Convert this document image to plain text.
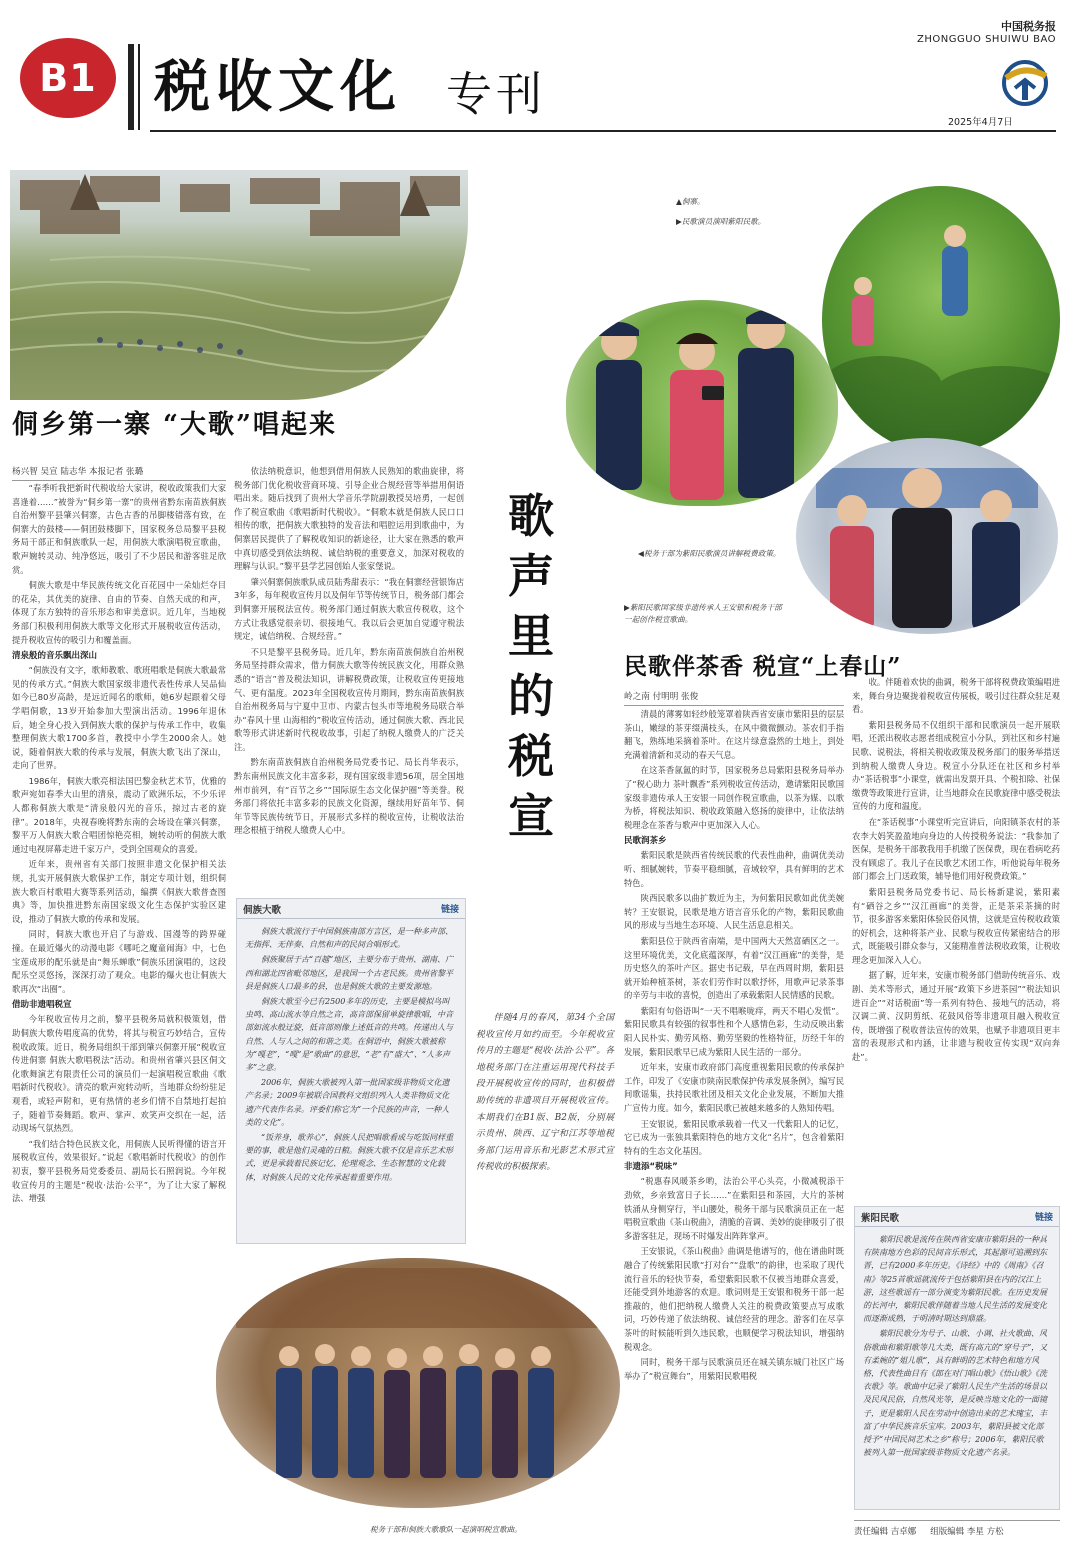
B1 税收文化 专刊
中国税务报
ZHONGGUO SHUIWU BAO
2025年4月7日
侗乡第一寨 “大歌”唱起来
歌
声
里
的
税
宣
▲侗寨。
▶民歌演员演唱紫阳民歌。
◀税务干部为紫阳民歌演员讲解税费政策。
▶紫阳民歌国家级非遗传承人王安银和税务干部一起创作税宣歌曲。
民歌伴茶香 税宣“上春山”
杨兴智 吴宣 陆志华 本报记者 张璐

“春季听我把新时代税收给大家讲，税收政策我们大家喜逢着……”被誉为“侗乡第一寨”的贵州省黔东南苗族侗族自治州黎平县肇兴侗寨，古色古香的吊脚楼错落有致，在侗寨大的鼓楼——侗团鼓楼脚下，国家税务总局黎平县税务局干部正和侗族歌队一起，用侗族大歌演唱税宣歌曲，歌声婉转灵动、纯净悠远，吸引了不少居民和游客驻足欣赏。

侗族大歌是中华民族传统文化百花园中一朵灿烂夺目的花朵，其优美的旋律、自由的节奏、自然天成的和声，体现了东方独特的音乐形态和审美意识。近几年，当地税务部门积极利用侗族大歌等文化形式开展税收宣传活动，提升税收宣传的吸引力和覆盖面。

清泉般的音乐飘出深山

“侗族没有文字，歌师教歌、歌班唱歌是侗族大歌最常见的传承方式。”侗族大歌国家级非遗代表性传承人吴品仙如今已80岁高龄，是远近闻名的歌师，她6岁起跟着父母学唱侗歌，13岁开始参加大型演出活动。1996年退休后，她全身心投入到侗族大歌的保护与传承工作中，收集整理侗族大歌1700多首，教授中小学生2000余人。她说，随着侗族大歌的传承与发展，侗族大歌飞出了深山，走向了世界。

1986年，侗族大歌亮相法国巴黎金秋艺术节，优雅的歌声宛如春季大山里的清泉，震动了欧洲乐坛，不少乐评人都称侗族大歌是“清泉般闪光的音乐，掠过古老的旋律”。2018年，央视春晚将黔东南的会场设在肇兴侗寨，黎平万人侗族大歌合唱团惊艳亮相，婉转动听的侗族大歌通过电视屏幕走进千家万户，受到全国观众的喜爱。

近年来，贵州省有关部门按照非遗文化保护相关法规，扎实开展侗族大歌保护工作，制定专项计划，组织侗族大歌百村歌唱大赛等系列活动，编撰《侗族大歌普查图典》等，加快推进黔东南国家级文化生态保护实验区建设，推动了侗族大歌的传承和发展。

同时，侗族大歌也开启了与游戏、国漫等的跨界碰撞。在最近爆火的动漫电影《哪吒之魔童闹海》中，七色宝莲成形的配乐就是由“舞乐蝉歌”侗族乐团演唱的，这段配乐空灵悠扬，深深打动了观众。电影的爆火也让侗族大歌再次“出圈”。

借助非遗唱税宣

今年税收宣传月之前，黎平县税务局就积极策划，借助侗族大歌传唱度高的优势，将其与税宣巧妙结合，宣传税收政策。近日，税务局组织干部到肇兴侗寨开展“税收宣传进侗寨 侗族大歌唱税法”活动。和贵州省肇兴县区侗文化歌舞演艺有限责任公司的演员们一起演唱税宣歌曲《歌唱新时代税收》。清亮的歌声宛转动听，当地群众纷纷驻足观看，或轻声附和，更有热情的老乡们情不自禁地打起拍子，随着节奏舞蹈。歌声、掌声、欢笑声交织在一起，活动现场气氛热烈。

“我们结合特色民族文化，用侗族人民听得懂的语言开展税收宣传，效果很好。”说起《歌唱新时代税收》的创作初衷，黎平县税务局党委委员、副局长石照润说。今年税收宣传月的主题是“税收·法治·公平”，为了让大家了解税法、增强

依法纳税意识，他想到借用侗族人民熟知的歌曲旋律，将税务部门优化税收营商环境、引导企业合规经营等举措用侗语唱出来。随后找到了贵州大学音乐学院副教授吴培勇，一起创作了税宣歌曲《歌唱新时代税收》。“侗歌本就是侗族人民口口相传的歌，把侗族大歌独特的发音法和唱腔运用到歌曲中，为侗寨居民提供了了解税收知识的新途径，让大家在熟悉的歌声中真切感受到依法纳税、诚信纳税的重要意义，加深对税收的理解与认识。”黎平县学艺园创始人张家堡说。

肇兴侗寨侗族歌队成员陆秀甜表示：“我在侗寨经营银饰店3年多，每年税收宣传月以及侗年节等传统节日，税务部门都会到侗寨开展税法宣传。税务部门通过侗族大歌宣传税收，这个方式让我感觉很亲切、很接地气。我以后会更加自觉遵守税法规定，诚信纳税、合规经营。”

不只是黎平县税务局。近几年，黔东南苗族侗族自治州税务局坚持群众需求，借力侗族大歌等传统民族文化，用群众熟悉的“语言”普及税法知识，讲解税费政策，让税收宣传更接地气、更有温度。2023年全国税收宣传月期间，黔东南苗族侗族自治州税务局与宁夏中卫市、内蒙古包头市等地税务局联合举办“春风十里 山海相约”税收宣传活动，通过侗族大歌、西北民歌等形式讲述新时代税收故事，引起了纳税人缴费人的广泛关注。

黔东南苗族侗族自治州税务局党委书记、局长肖华表示，黔东南州民族文化丰富多彩，现有国家级非遗56项，居全国地州市前列，有“百节之乡”“国际原生态文化保护圈”等美誉。税务部门将依托丰富多彩的民族文化资源，继续用好苗年节、侗年节等民族传统节日，开展形式多样的税收宣传，让税收法治理念根植于纳税人缴费人心中。

侗族大歌	链接

侗族大歌流行于中国侗族南部方言区，是一种多声部、无指挥、无伴奏、自然和声的民间合唱形式。

侗族聚居于古“百越”地区，主要分布于贵州、湖南、广西和湖北四省毗邻地区，是我国一个古老民族。贵州省黎平县是侗族人口最多的县，也是侗族大歌的主要发源地。

侗族大歌至今已有2500多年的历史，主要是模拟鸟叫虫鸣、高山流水等自然之音，高音部保留单旋律歌唱，中音部如流水般迂旋，低音部则像上述低音的共鸣。传递出人与自然、人与人之间的和谐之美。在侗语中，侗族大歌被称为“嘎老”，“嘎”是“歌曲”的意思，“老”有“盛大”、“人多声多”之意。

2006年，侗族大歌被列入第一批国家级非物质文化遗产名录；2009年被联合国教科文组织列入人类非物质文化遗产代表作名录。评委们称它为“一个民族的声音，一种人类的文化”。

“饭养身，歌养心”，侗族人民把唱歌看成与吃饭同样重要的事，歌是他们灵魂的日粮。侗族大歌不仅是音乐艺术形式，更是承载着民族记忆、伦理观念、生态智慧的文化载体，对侗族人民的文化传承起着重要作用。

伴随4月的春风，第34个全国税收宣传月如约而至。今年税收宣传月的主题是“税收·法治·公平”。各地税务部门在注重运用现代科技手段开展税收宣传的同时，也积极借助传统的非遗项目开展税收宣传。本期我们在B1版、B2版，分别展示贵州、陕西、辽宁和江苏等地税务部门运用音乐和光影艺术形式宣传税收的积极探索。
税务干部和侗族大歌歌队一起演唱税宣歌曲。
岭之南 付明明 张俊

清晨的薄雾如轻纱般笼罩着陕西省安康市紫阳县的层层茶山，嫩绿的茶芽缀满枝头，在风中微微颤动。茶农们手指翻飞，熟练地采摘着茶叶。在这片绿意盎然的土地上，到处充满着清新和灵动的春天气息。

在这茶香氤氲的时节，国家税务总局紫阳县税务局举办了“税心助力 茶叶飘香”系列税收宣传活动，邀请紫阳民歌国家级非遗传承人王安银一同创作税宣歌曲，以茶为媒、以歌为桥，将税法知识、税收政策融入悠扬的旋律中，让依法纳税理念在茶香与歌声中更加深入人心。

民歌润茶乡

紫阳民歌是陕西省传统民歌的代表性曲种，曲调优美动听、细腻婉转，节奏平稳细腻，音域较窄，具有鲜明的艺术特色。

陕西民歌多以曲扩数近为主，为何紫阳民歌如此优美婉转？王安银说，民歌是地方语言音乐化的产物，紫阳民歌曲风的形成与当地生态环境、人民生活息息相关。

紫阳县位于陕西省南端，是中国两大天然富硒区之一。这里环境优美，文化底蕴深厚，有着“汉江画廊”的美誉，是历史悠久的茶叶产区。据史书记载，早在西周时期，紫阳县就开始种植茶树，茶农们劳作时以歌抒怀，用歌声记录茶事的辛劳与丰收的喜悦，创造出了承载紫阳人民情感的民歌。

紫阳有句俗语叫“一天不唱喉咙痒，两天不唱心发慌”。紫阳民歌具有较强的叙事性和个人感情色彩，生动反映出紫阳人民朴实、勤劳风格、勤劳坚毅的性格特征，历经千年的发展，紫阳民歌早已成为紫阳人民生活的一部分。

近年来，安康市政府部门高度重视紫阳民歌的传承保护工作，印发了《安康市陕南民歌保护传承发展条例》，编写民间歌谣集，扶持民歌社团及相关文化企业发展，不断加大推广宣传力度。如今，紫阳民歌已被越来越多的人熟知传唱。

王安银说，紫阳民歌承载着一代又一代紫阳人的记忆，它已成为一张独具紫阳特色的地方文化“名片”，包含着紫阳特有的生态文化基因。

非遗添“税味”

“税惠春风暖茶乡哟，法治公平心头亮，小微减税添干劲欸，乡亲致富日子长……”在紫阳县和茶园，大片的茶树铁涌从身侧穿行，半山腰处，税务干部与民歌演员正在一起唱税宣歌曲《茶山税曲》，清脆的音调、美妙的旋律吸引了很多游客驻足，现场不时爆发出阵阵掌声。

王安银说，《茶山税曲》曲调是他谱写的，他在谱曲时既融合了传统紫阳民歌“打对台”“盘歌”的韵律，也采取了现代流行音乐的轻快节奏，希望紫阳民歌不仅被当地群众喜爱，还能受到外地游客的欢迎。歌词则是王安银和税务干部一起推敲的，他们把纳税人缴费人关注的税费政策要点写成歌词，巧妙传递了依法纳税、诚信经营的理念。游客们在尽享茶叶的时候能听到久违民歌，也顺便学习税法知识，增强纳税观念。

同时，税务干部与民歌演员还在城关镇东城门社区广场举办了“税宣舞台”，用紫阳民歌唱税

收。伴随着欢快的曲调，税务干部将税费政策编唱进来，舞台身边聚拢着税收宣传展板，吸引过往群众驻足观看。

紫阳县税务局不仅组织干部和民歌演员一起开展联唱，还派出税收志愿者组成税宣小分队，到社区和乡村遍民歌、说税法，将相关税收政策及税务部门的服务举措送到纳税人缴费人身边。税宣小分队还在社区和乡村举办“茶话税事”小课堂，就需出发票开具、个税扣除、社保缴费等政策进行宣讲，让当地群众在民歌旋律中感受税法宣传的力度和温度。

在“茶话税事”小课堂听完宣讲后，向阳镇茶农村的茶农李大妈笑盈盈地向身边的人传授税务说法：“我参加了医保，是税务干部教我用手机缴了医保费，现在看病吃药没有顾虑了。我儿子在民歌艺术团工作，听他说每年税务部门都会上门送政策，辅导他们用好税费政策。”

紫阳县税务局党委书记、局长杨新建说，紫阳素有“硒谷之乡”“汉江画廊”的美誉，正是茶采茶摘的时节，很多游客来紫阳体验民俗风情，这就是宣传税收政策的好机会，这种将茶产业、民歌与税收宣传紧密结合的形式，既能吸引群众参与，又能精准普法税收政策，让税收理念更加深入人心。

据了解，近年来，安康市税务部门借助传统音乐、戏剧、美术等形式，通过开展“政策下乡进茶园”“税法知识进百企”“对话税面”等一系列有特色、接地气的活动，将汉调二黄、汉阴剪纸、花鼓风俗等非遗项目融入税收宣传，既增强了税收普法宣传的效果，也赋予非遗项目更丰富的表现形式和内涵，让非遗与税收宣传实现“双向奔赴”。

紫阳民歌	链接

紫阳民歌是流传在陕西省安康市紫阳县的一种具有陕南地方色彩的民间音乐形式，其起源可追溯到东晋，已有2000多年历史。《诗经》中的《周南》《召南》等25首歌谣就流传于包括紫阳县在内的汉江上游，这些歌谣有一部分演变为紫阳民歌。在历史发展的长河中，紫阳民歌伴随着当地人民生活的发展变化而逐渐成熟，于明清时期达到鼎盛。

紫阳民歌分为号子、山歌、小调、社火歌曲、风俗歌曲和紫阳歌等几大类，既有高亢的“穿号子”，又有柔婉的“姐儿歌”，具有鲜明的艺术特色和地方风格，代表性曲目有《郎在对门唱山歌》《悟山歌》《洗衣歌》等。歌曲中记录了紫阳人民生产生活的场景以及民风民俗，自然风光等，是反映当地文化的一面镜子，更是紫阳人民在劳动中创造出来的艺术瑰宝，丰富了中华民族音乐宝库。2003年，紫阳县被文化部授予“中国民间艺术之乡”称号；2006年，紫阳民歌被列入第一批国家级非物质文化遗产名录。

责任编辑 吉卓娜 组版编辑 李星 方松
